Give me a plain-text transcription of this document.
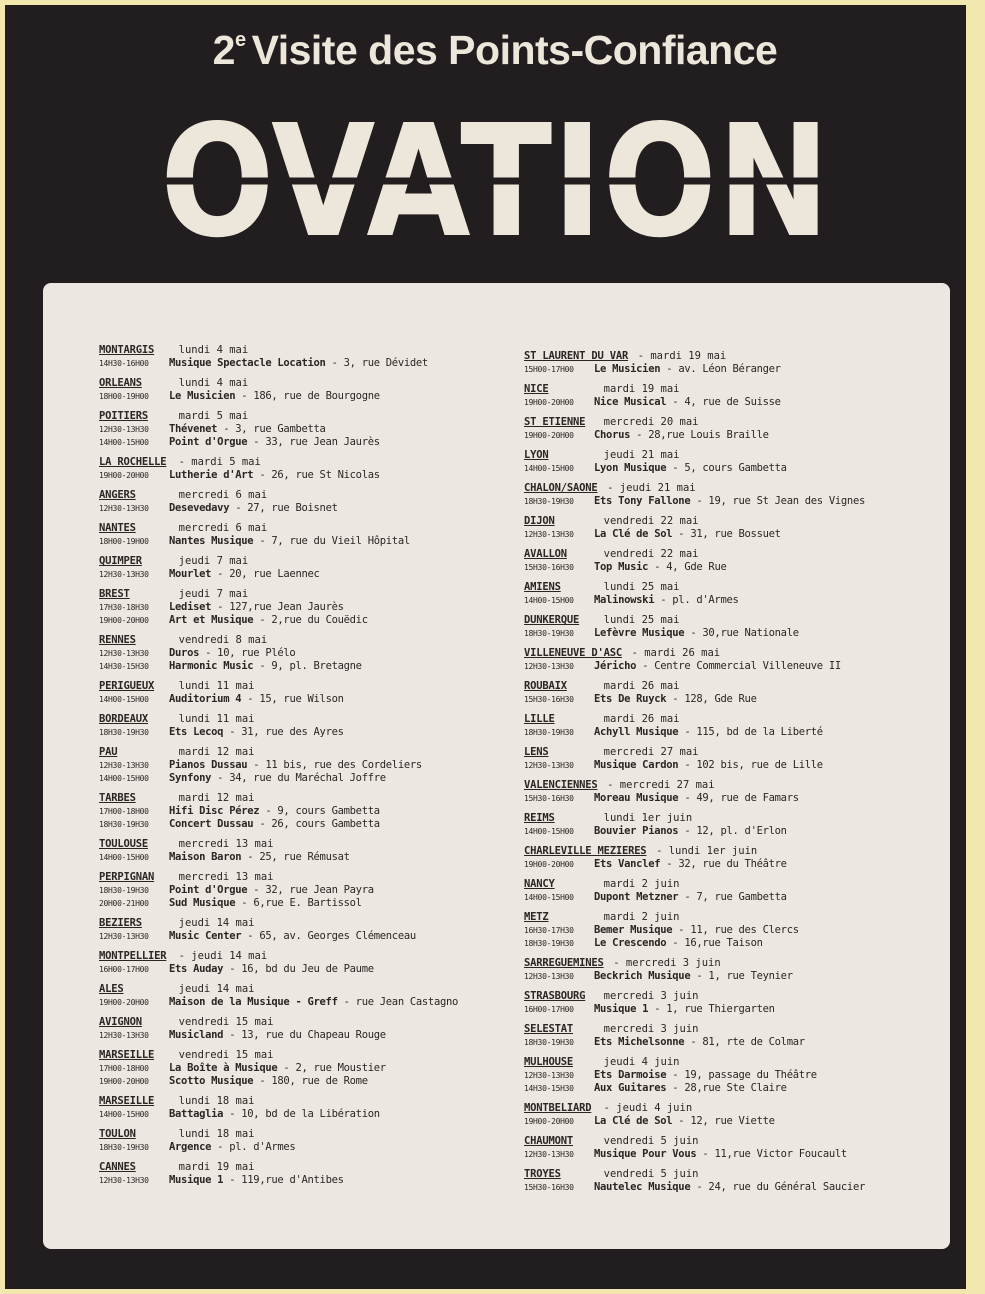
2e Visite des Points-Confiance
OVATION
MONTARGIS lundi 4 mai
14H30-16H00 Musique Spectacle Location - 3, rue Dévidet
ORLEANS	lundi 4 mai
18H00-19H00 Le Musicien - 186, rue de Bourgogne
POITIERS	mardi 5 mai
12H30-13H30 Thévenet - 3, rue Gambetta
14H00-15H00 Point d'Orgue - 33, rue Jean Jaurès
LA ROCHELLE - mardi 5 mai
19H00-20H00 Lutherie d'Art - 26, rue St Nicolas
ANGERS	mercredi 6 mai
12H30-13H30 Desevedavy - 27, rue Boisnet
NANTES	mercredi 6 mai
18H00-19H00 Nantes Musique - 7, rue du Vieil Hôpital
QUIMPER	jeudi 7 mai
12H30-13H30 Mourlet - 20, rue Laennec
BREST	jeudi 7 mai
17H30-18H30 Lediset - 127,rue Jean Jaurès
19H00-20H00 Art et Musique - 2,rue du Couëdic
RENNES	vendredi 8 mai
12H30-13H30 Duros - 10, rue Plélo
14H30-15H30 Harmonic Music - 9, pl. Bretagne
PERIGUEUX lundi 11 mai
14H00-15H00 Auditorium 4 - 15, rue Wilson
BORDEAUX	lundi 11 mai
18H30-19H30 Ets Lecoq - 31, rue des Ayres
PAU	mardi 12 mai
12H30-13H30 Pianos Dussau - 11 bis, rue des Cordeliers
14H00-15H00 Synfony - 34, rue du Maréchal Joffre
TARBES	mardi 12 mai
17H00-18H00 Hifi Disc Pérez - 9, cours Gambetta
18H30-19H30 Concert Dussau - 26, cours Gambetta
TOULOUSE	mercredi 13 mai
14H00-15H00 Maison Baron - 25, rue Rémusat
PERPIGNAN mercredi 13 mai
18H30-19H30 Point d'Orgue - 32, rue Jean Payra
20H00-21H00 Sud Musique - 6,rue E. Bartissol
BEZIERS	jeudi 14 mai
12H30-13H30 Music Center - 65, av. Georges Clémenceau
MONTPELLIER - jeudi 14 mai
16H00-17H00 Ets Auday - 16, bd du Jeu de Paume
ALES	jeudi 14 mai
19H00-20H00 Maison de la Musique - Greff - rue Jean Castagno
AVIGNON	vendredi 15 mai
12H30-13H30 Musicland - 13, rue du Chapeau Rouge
MARSEILLE vendredi 15 mai
17H00-18H00 La Boîte à Musique - 2, rue Moustier
19H00-20H00 Scotto Musique - 180, rue de Rome
MARSEILLE lundi 18 mai
14H00-15H00 Battaglia - 10, bd de la Libération
TOULON	lundi 18 mai
18H30-19H30 Argence - pl. d'Armes
CANNES	mardi 19 mai
12H30-13H30 Musique 1 - 119,rue d'Antibes
ST LAURENT DU VAR - mardi 19 mai
15H00-17H00 Le Musicien - av. Léon Béranger
NICE	mardi 19 mai
19H00-20H00 Nice Musical - 4, rue de Suisse
ST ETIENNE mercredi 20 mai
19H00-20H00 Chorus - 28,rue Louis Braille
LYON	jeudi 21 mai
14H00-15H00 Lyon Musique - 5, cours Gambetta
CHALON/SAONE - jeudi 21 mai
18H30-19H30 Ets Tony Fallone - 19, rue St Jean des Vignes
DIJON	vendredi 22 mai
12H30-13H30 La Clé de Sol - 31, rue Bossuet
AVALLON	vendredi 22 mai
15H30-16H30 Top Music - 4, Gde Rue
AMIENS	lundi 25 mai
14H00-15H00 Malinowski - pl. d'Armes
DUNKERQUE lundi 25 mai
18H30-19H30 Lefèvre Musique - 30,rue Nationale
VILLENEUVE D'ASC - mardi 26 mai
12H30-13H30 Jéricho - Centre Commercial Villeneuve II
ROUBAIX	mardi 26 mai
15H30-16H30 Ets De Ruyck - 128, Gde Rue
LILLE	mardi 26 mai
18H30-19H30 Achyll Musique - 115, bd de la Liberté
LENS	mercredi 27 mai
12H30-13H30 Musique Cardon - 102 bis, rue de Lille
VALENCIENNES - mercredi 27 mai
15H30-16H30 Moreau Musique - 49, rue de Famars
REIMS	lundi 1er juin
14H00-15H00 Bouvier Pianos - 12, pl. d'Erlon
CHARLEVILLE MEZIERES - lundi 1er juin
19H00-20H00 Ets Vanclef - 32, rue du Théâtre
NANCY	mardi 2 juin
14H00-15H00 Dupont Metzner - 7, rue Gambetta
METZ	mardi 2 juin
16H30-17H30 Bemer Musique - 11, rue des Clercs
18H30-19H30 Le Crescendo - 16,rue Taison
SARREGUEMINES - mercredi 3 juin
12H30-13H30 Beckrich Musique - 1, rue Teynier
STRASBOURG mercredi 3 juin
16H00-17H00 Musique 1 - 1, rue Thiergarten
SELESTAT	mercredi 3 juin
18H30-19H30 Ets Michelsonne - 81, rte de Colmar
MULHOUSE	jeudi 4 juin
12H30-13H30 Ets Darmoise - 19, passage du Théâtre
14H30-15H30 Aux Guitares - 28,rue Ste Claire
MONTBELIARD - jeudi 4 juin
19H00-20H00 La Clé de Sol - 12, rue Viette
CHAUMONT	vendredi 5 juin
12H30-13H30 Musique Pour Vous - 11,rue Victor Foucault
TROYES	vendredi 5 juin
15H30-16H30 Nautelec Musique - 24, rue du Général Saucier
